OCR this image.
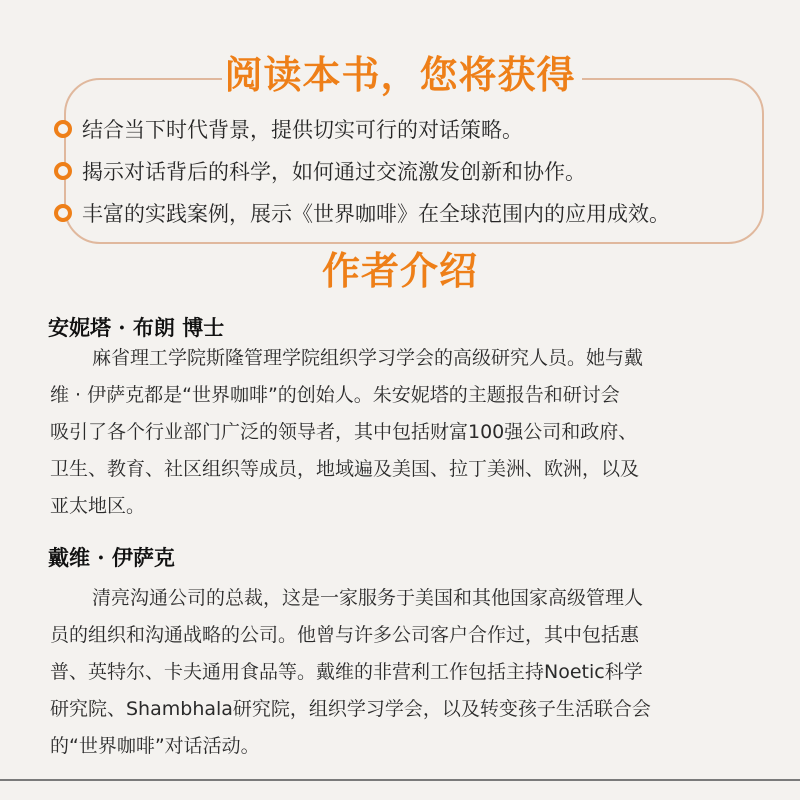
阅读本书，您将获得
结合当下时代背景，提供切实可行的对话策略。
揭示对话背后的科学，如何通过交流激发创新和协作。
丰富的实践案例，展示《世界咖啡》在全球范围内的应用成效。
作者介绍
安妮塔 · 布朗 博士

麻省理工学院斯隆管理学院组织学习学会的高级研究人员。她与戴
维 · 伊萨克都是“世界咖啡”的创始人。朱安妮塔的主题报告和研讨会
吸引了各个行业部门广泛的领导者，其中包括财富100强公司和政府、
卫生、教育、社区组织等成员，地域遍及美国、拉丁美洲、欧洲，以及
亚太地区。

戴维 · 伊萨克

清亮沟通公司的总裁，这是一家服务于美国和其他国家高级管理人
员的组织和沟通战略的公司。他曾与许多公司客户合作过，其中包括惠
普、英特尔、卡夫通用食品等。戴维的非营利工作包括主持Noetic科学
研究院、Shambhala研究院，组织学习学会，以及转变孩子生活联合会
的“世界咖啡”对话活动。
